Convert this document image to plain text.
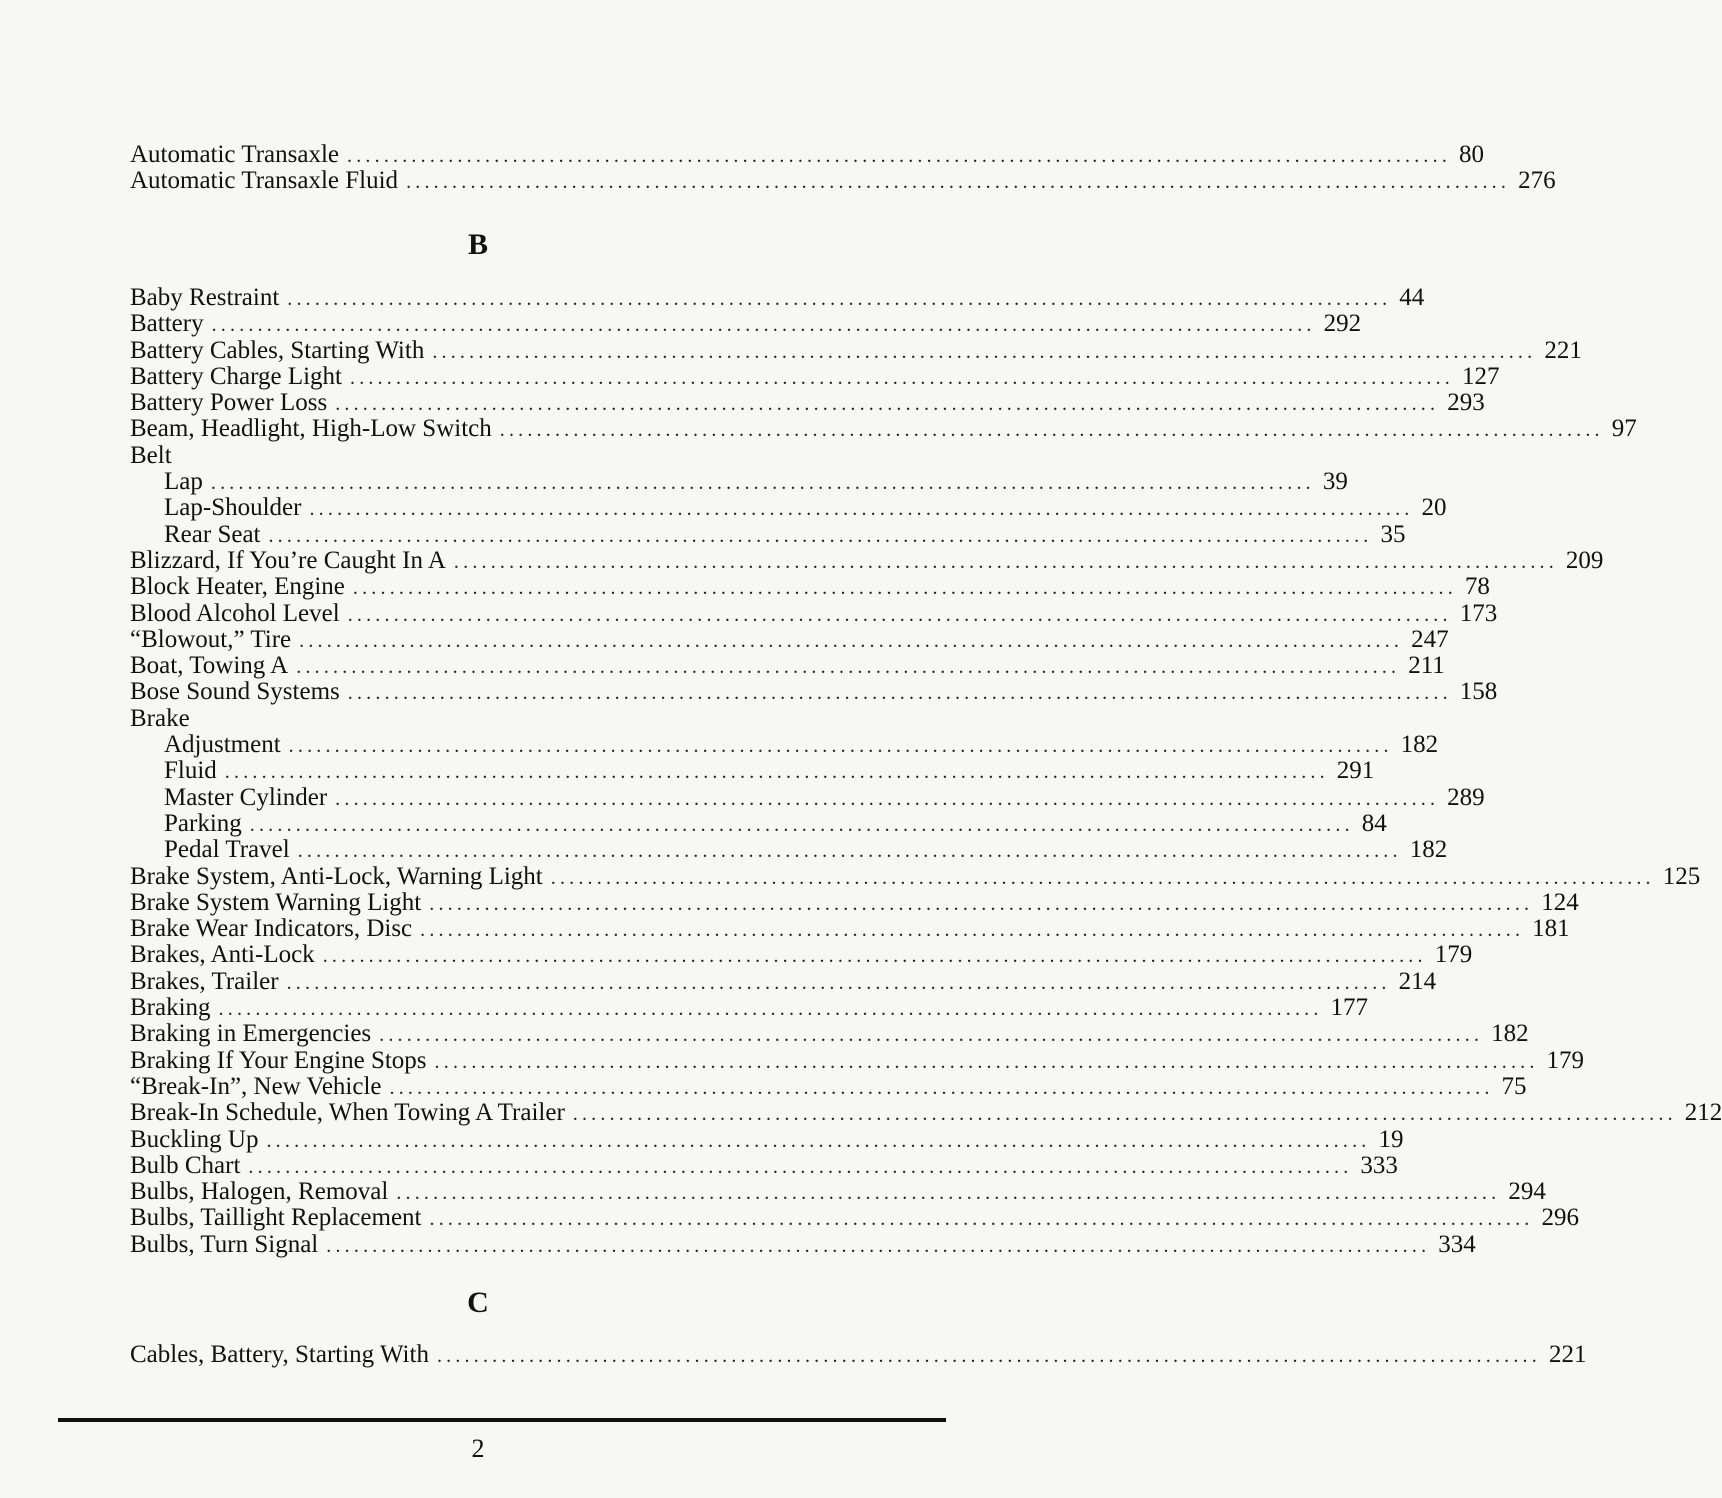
Automatic Transaxle ........................................................................................................................ 80
Automatic Transaxle Fluid ........................................................................................................................ 276
B
Baby Restraint ........................................................................................................................ 44
Battery ........................................................................................................................ 292
Battery Cables, Starting With ........................................................................................................................ 221
Battery Charge Light ........................................................................................................................ 127
Battery Power Loss ........................................................................................................................ 293
Beam, Headlight, High-Low Switch ........................................................................................................................ 97
Belt
Lap ........................................................................................................................ 39
Lap-Shoulder ........................................................................................................................ 20
Rear Seat ........................................................................................................................ 35
Blizzard, If You’re Caught In A ........................................................................................................................ 209
Block Heater, Engine ........................................................................................................................ 78
Blood Alcohol Level ........................................................................................................................ 173
“Blowout,” Tire ........................................................................................................................ 247
Boat, Towing A ........................................................................................................................ 211
Bose Sound Systems ........................................................................................................................ 158
Brake
Adjustment ........................................................................................................................ 182
Fluid ........................................................................................................................ 291
Master Cylinder ........................................................................................................................ 289
Parking ........................................................................................................................ 84
Pedal Travel ........................................................................................................................ 182
Brake System, Anti-Lock, Warning Light ........................................................................................................................ 125
Brake System Warning Light ........................................................................................................................ 124
Brake Wear Indicators, Disc ........................................................................................................................ 181
Brakes, Anti-Lock ........................................................................................................................ 179
Brakes, Trailer ........................................................................................................................ 214
Braking ........................................................................................................................ 177
Braking in Emergencies ........................................................................................................................ 182
Braking If Your Engine Stops ........................................................................................................................ 179
“Break-In”, New Vehicle ........................................................................................................................ 75
Break-In Schedule, When Towing A Trailer ........................................................................................................................ 212
Buckling Up ........................................................................................................................ 19
Bulb Chart ........................................................................................................................ 333
Bulbs, Halogen, Removal ........................................................................................................................ 294
Bulbs, Taillight Replacement ........................................................................................................................ 296
Bulbs, Turn Signal ........................................................................................................................ 334
C
Cables, Battery, Starting With ........................................................................................................................ 221
2
